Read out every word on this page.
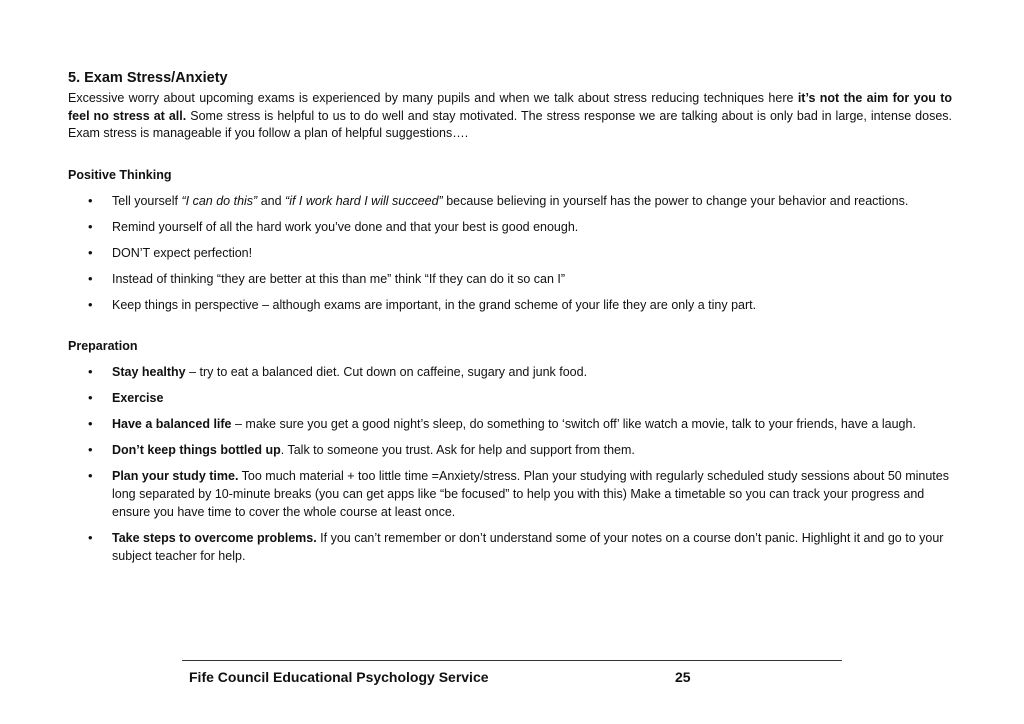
5. Exam Stress/Anxiety

Excessive worry about upcoming exams is experienced by many pupils and when we talk about stress reducing techniques here it’s not the aim for you to feel no stress at all. Some stress is helpful to us to do well and stay motivated. The stress response we are talking about is only bad in large, intense doses. Exam stress is manageable if you follow a plan of helpful suggestions….

Positive Thinking

• Tell yourself “I can do this” and “if I work hard I will succeed” because believing in yourself has the power to change your behavior and reactions.
• Remind yourself of all the hard work you’ve done and that your best is good enough.
• DON’T expect perfection!
• Instead of thinking “they are better at this than me” think “If they can do it so can I”
• Keep things in perspective – although exams are important, in the grand scheme of your life they are only a tiny part.

Preparation

• Stay healthy – try to eat a balanced diet. Cut down on caffeine, sugary and junk food.
• Exercise
• Have a balanced life – make sure you get a good night’s sleep, do something to ‘switch off’ like watch a movie, talk to your friends, have a laugh.
• Don’t keep things bottled up. Talk to someone you trust. Ask for help and support from them.
• Plan your study time. Too much material + too little time =Anxiety/stress. Plan your studying with regularly scheduled study sessions about 50 minutes long separated by 10-minute breaks (you can get apps like “be focused” to help you with this) Make a timetable so you can track your progress and ensure you have time to cover the whole course at least once.
• Take steps to overcome problems. If you can’t remember or don’t understand some of your notes on a course don’t panic. Highlight it and go to your subject teacher for help.
Fife Council Educational Psychology Service	25
